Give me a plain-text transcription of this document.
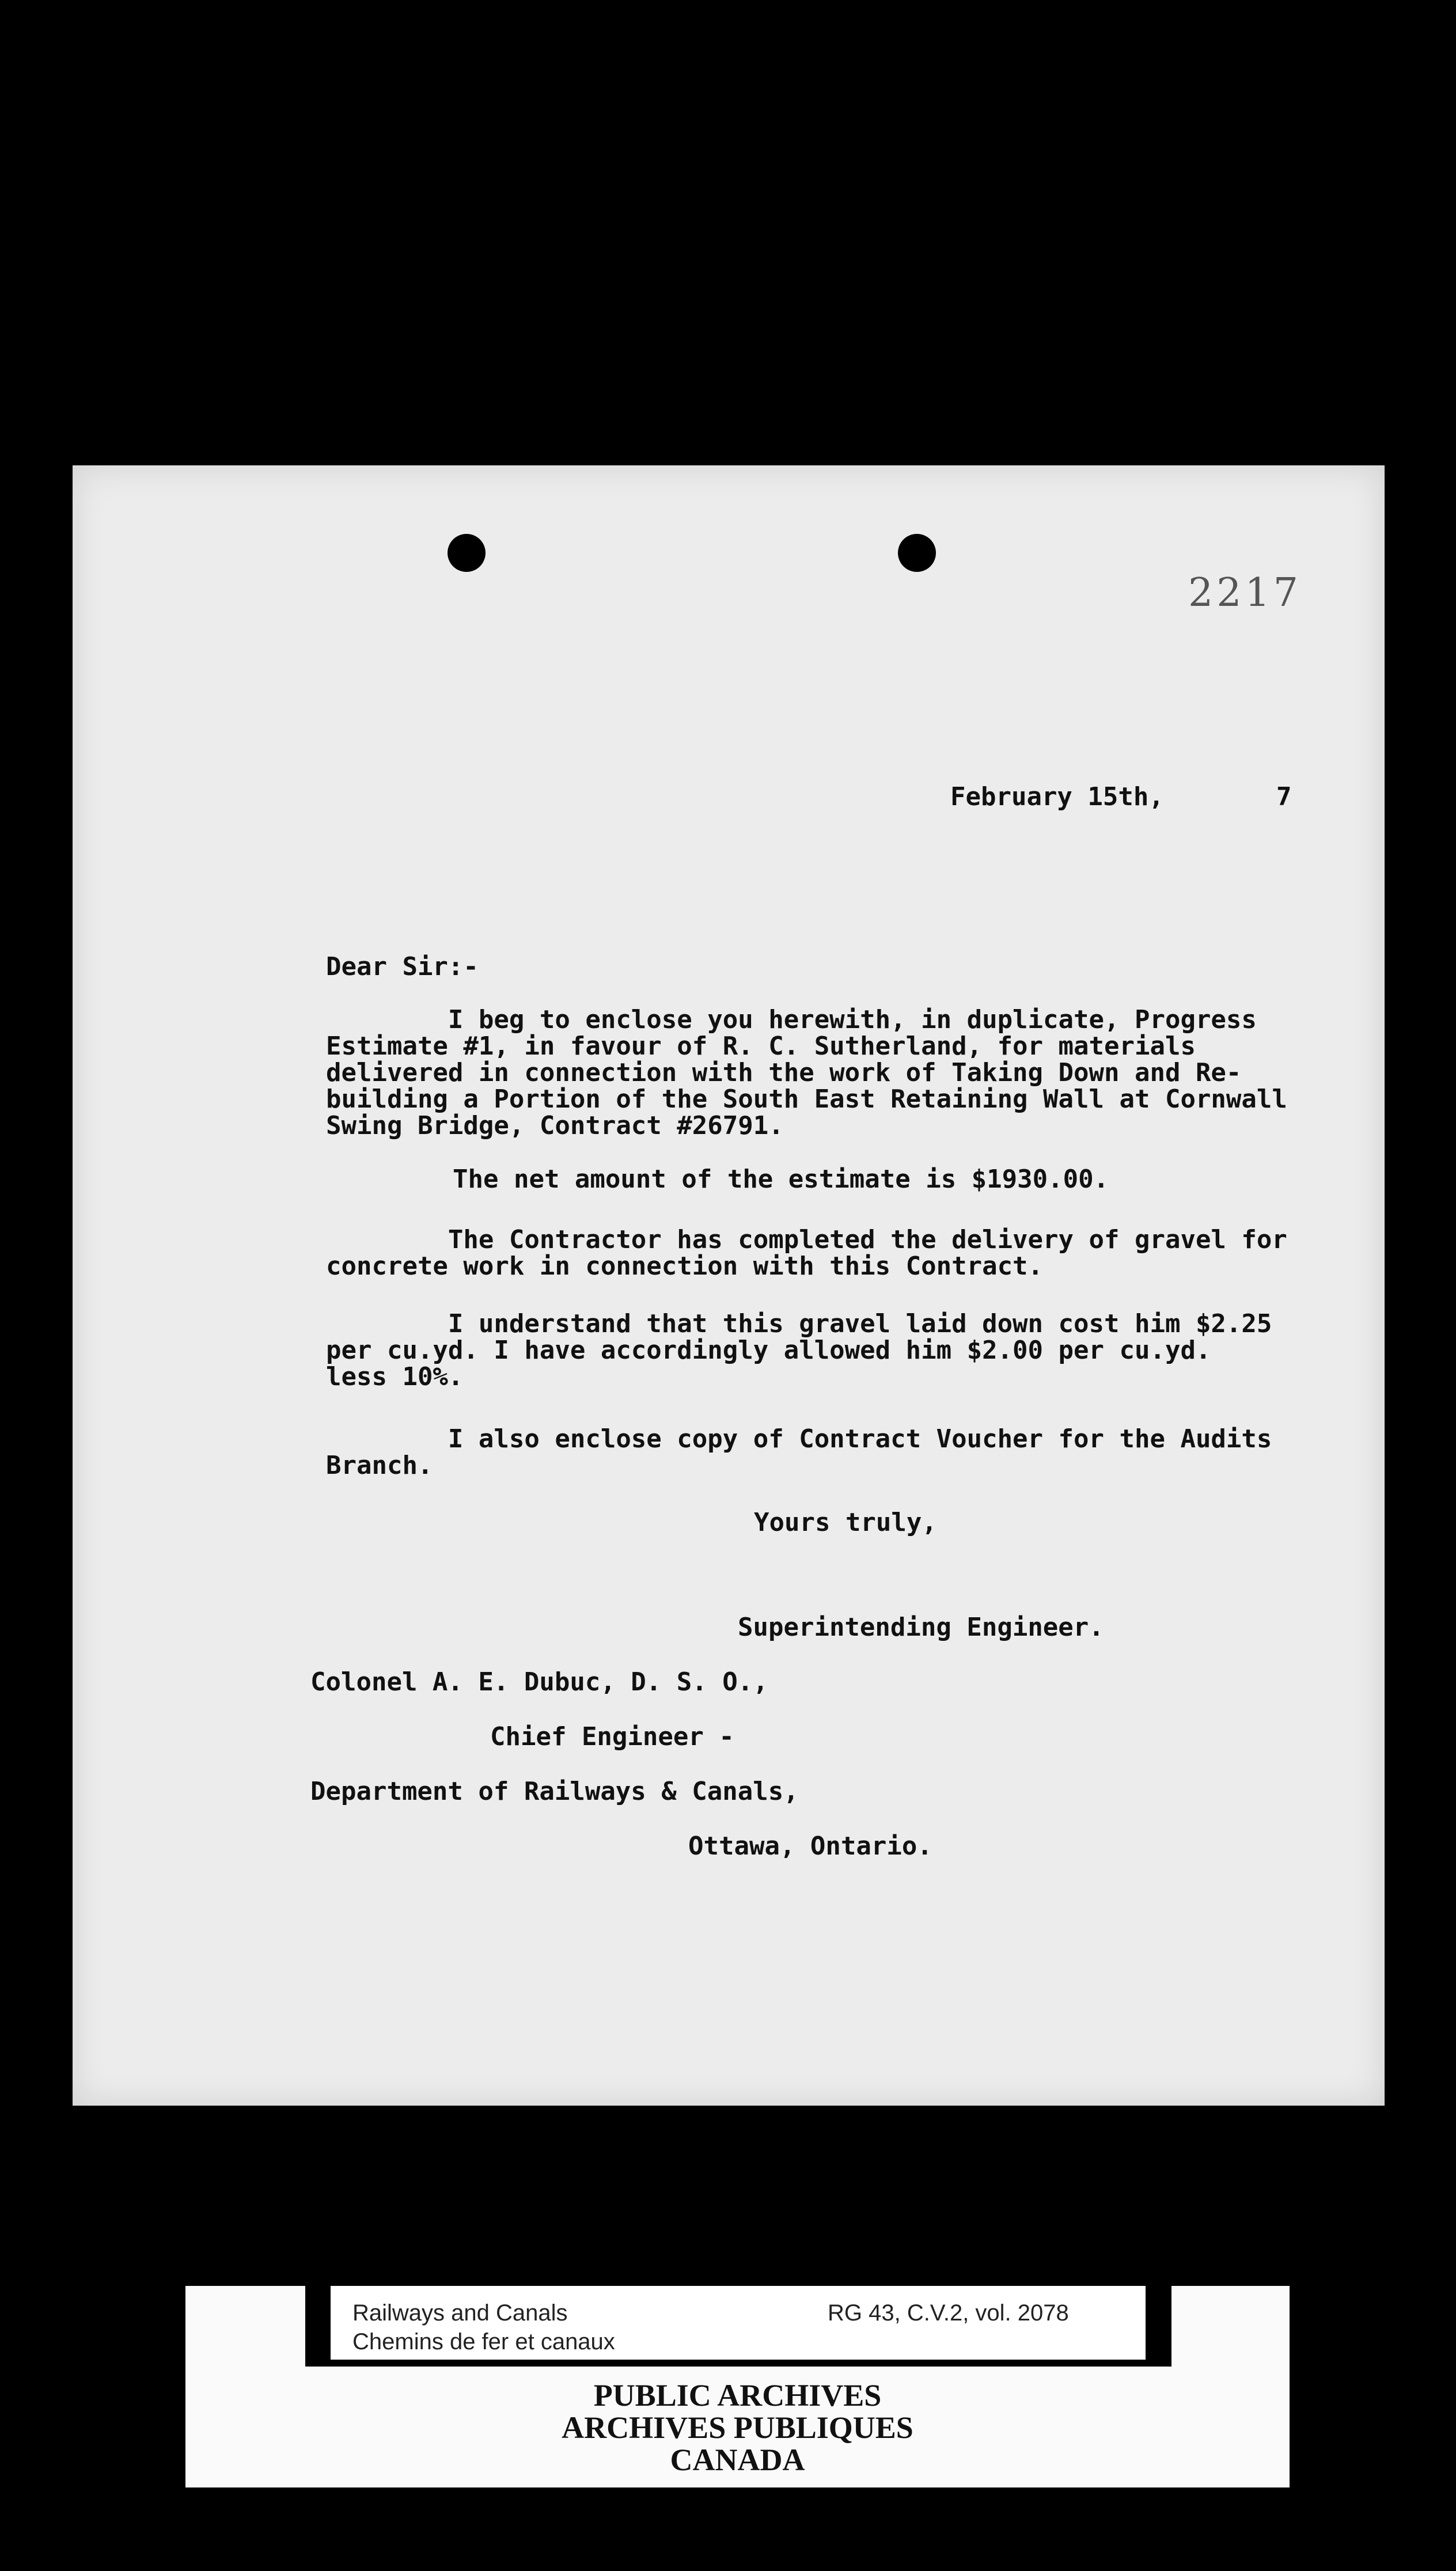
2217
February 15th,	7
Dear Sir:-
I beg to enclose you herewith, in duplicate, Progress
Estimate #1, in favour of R. C. Sutherland, for materials
delivered in connection with the work of Taking Down and Re-
building a Portion of the South East Retaining Wall at Cornwall
Swing Bridge, Contract #26791.
The net amount of the estimate is $1930.00.
The Contractor has completed the delivery of gravel for
concrete work in connection with this Contract.
I understand that this gravel laid down cost him $2.25
per cu.yd. I have accordingly allowed him $2.00 per cu.yd.
less 10%.
I also enclose copy of Contract Voucher for the Audits
Branch.
Yours truly,
Superintending Engineer.
Colonel A. E. Dubuc, D. S. O.,
Chief Engineer -
Department of Railways & Canals,
Ottawa, Ontario.
Railways and Canals
Chemins de fer et canaux
RG 43, C.V.2, vol. 2078
PUBLIC ARCHIVES
ARCHIVES PUBLIQUES
CANADA
